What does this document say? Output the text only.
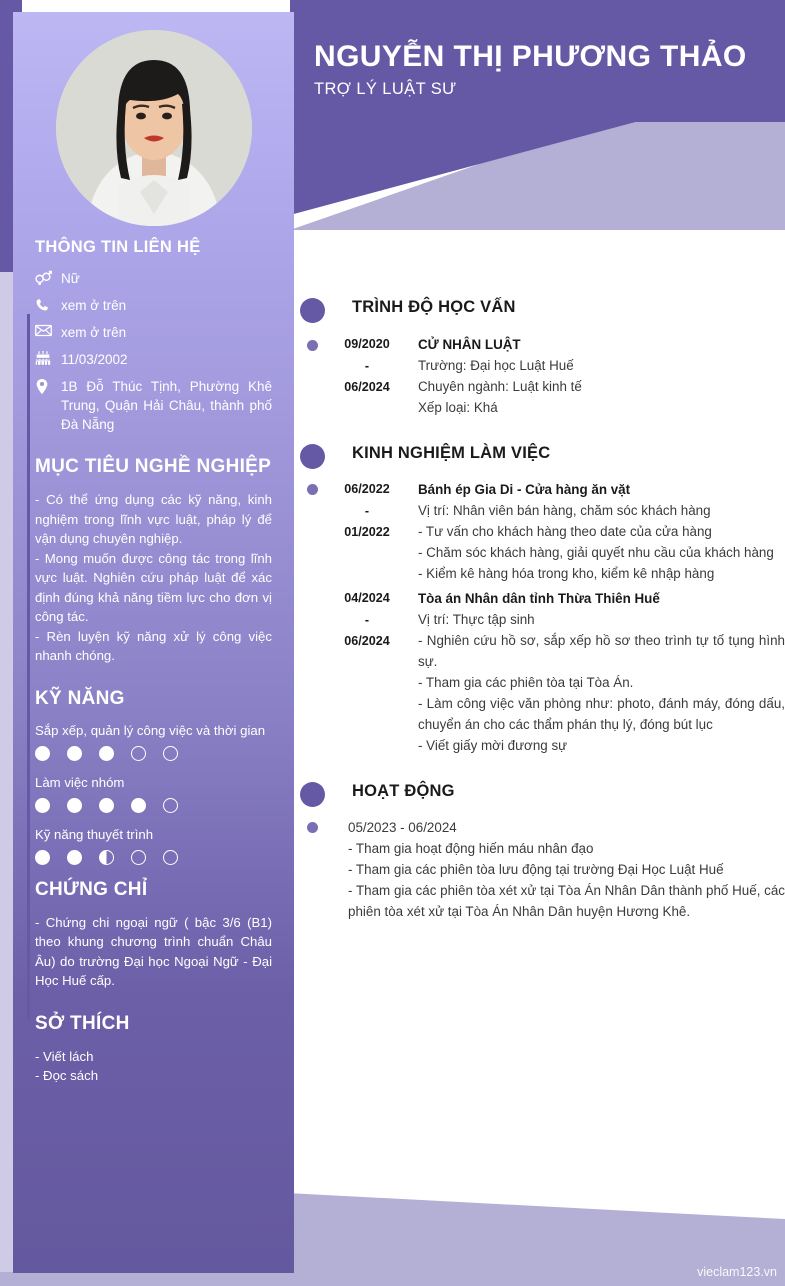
NGUYỄN THỊ PHƯƠNG THẢO
TRỢ LÝ LUẬT SƯ
THÔNG TIN LIÊN HỆ
Nữ
xem ở trên
xem ở trên
11/03/2002
1B Đỗ Thúc Tịnh, Phường Khê Trung, Quận Hải Châu, thành phố Đà Nẵng
MỤC TIÊU NGHỀ NGHIỆP

- Có thể ứng dụng các kỹ năng, kinh nghiệm trong lĩnh vực luật, pháp lý để vận dụng chuyên nghiệp.

- Mong muốn được công tác trong lĩnh vực luật. Nghiên cứu pháp luật để xác định đúng khả năng tiềm lực cho đơn vị công tác.

- Rèn luyện kỹ năng xử lý công việc nhanh chóng.

KỸ NĂNG
Sắp xếp, quản lý công việc và thời gian
Làm việc nhóm
Kỹ năng thuyết trình
CHỨNG CHỈ

- Chứng chi ngoại ngữ ( bậc 3/6 (B1) theo khung chương trình chuẩn Châu Âu) do trường Đại học Ngoại Ngữ - Đại Học Huế cấp.

SỞ THÍCH

- Viết lách

- Đọc sách

TRÌNH ĐỘ HỌC VẤN
09/2020
-
06/2024
CỬ NHÂN LUẬT
Trường: Đại học Luật Huế
Chuyên ngành: Luật kinh tế
Xếp loại: Khá
KINH NGHIỆM LÀM VIỆC
06/2022
-
01/2022
Bánh ép Gia Di - Cửa hàng ăn vặt
Vị trí: Nhân viên bán hàng, chăm sóc khách hàng
- Tư vấn cho khách hàng theo date của cửa hàng
- Chăm sóc khách hàng, giải quyết nhu cầu của khách hàng
- Kiểm kê hàng hóa trong kho, kiểm kê nhập hàng
04/2024
-
06/2024
Tòa án Nhân dân tỉnh Thừa Thiên Huế
Vị trí: Thực tập sinh
- Nghiên cứu hồ sơ, sắp xếp hồ sơ theo trình tự tố tụng hình sự.
- Tham gia các phiên tòa tại Tòa Án.
- Làm công việc văn phòng như: photo, đánh máy, đóng dấu, chuyển án cho các thẩm phán thụ lý, đóng bút lục
- Viết giấy mời đương sự
HOẠT ĐỘNG
05/2023 - 06/2024
- Tham gia hoạt động hiến máu nhân đạo
- Tham gia các phiên tòa lưu động tại trường Đại Học Luật Huế
- Tham gia các phiên tòa xét xử tại Tòa Án Nhân Dân thành phố Huế, các phiên tòa xét xử tại Tòa Án Nhân Dân huyện Hương Khê.
vieclam123.vn
